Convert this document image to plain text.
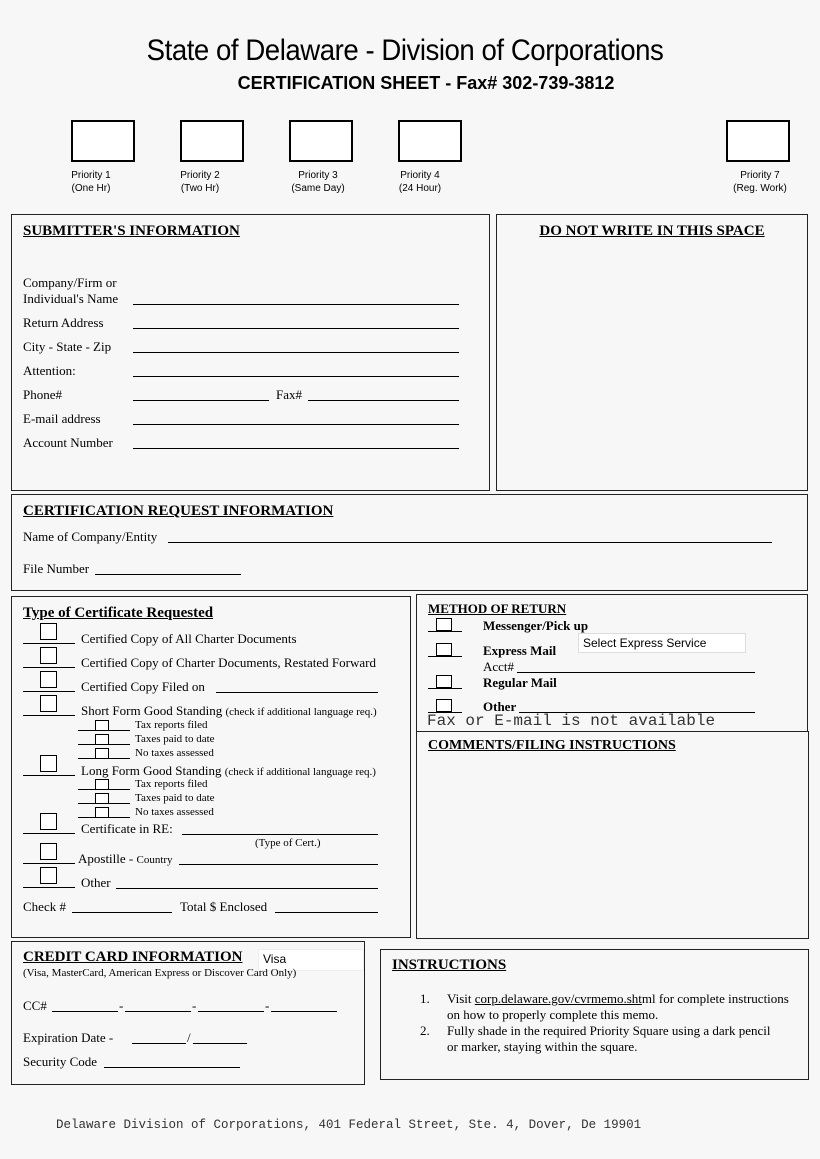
State of Delaware - Division of Corporations
CERTIFICATION SHEET - Fax# 302-739-3812
Priority 1
(One Hr)
Priority 2
(Two Hr)
Priority 3
(Same Day)
Priority 4
(24 Hour)
Priority 7
(Reg. Work)
SUBMITTER'S INFORMATION
Company/Firm or
Individual's Name
Return Address
City - State - Zip
Attention:
Phone#	Fax#
E-mail address
Account Number
DO NOT WRITE IN THIS SPACE
CERTIFICATION REQUEST INFORMATION
Name of Company/Entity
File Number
Type of Certificate Requested
Certified Copy of All Charter Documents
Certified Copy of Charter Documents, Restated Forward
Certified Copy Filed on
Short Form Good Standing (check if additional language req.)
Tax reports filed
Taxes paid to date
No taxes assessed
Long Form Good Standing (check if additional language req.)
Tax reports filed
Taxes paid to date
No taxes assessed
Certificate in RE:
(Type of Cert.)
Apostille - Country
Other
Check #	Total $ Enclosed
METHOD OF RETURN
Messenger/Pick up
Express Mail	Select Express Service
Acct#
Regular Mail
Other
Fax or E-mail is not available
COMMENTS/FILING INSTRUCTIONS
CREDIT CARD INFORMATION	Visa
(Visa, MasterCard, American Express or Discover Card Only)
CC#	-	-	-
Expiration Date -	/
Security Code
INSTRUCTIONS
1. Visit corp.delaware.gov/cvrmemo.shtml for complete instructions
on how to properly complete this memo.
2. Fully shade in the required Priority Square using a dark pencil
or marker, staying within the square.
Delaware Division of Corporations, 401 Federal Street, Ste. 4, Dover, De 19901
